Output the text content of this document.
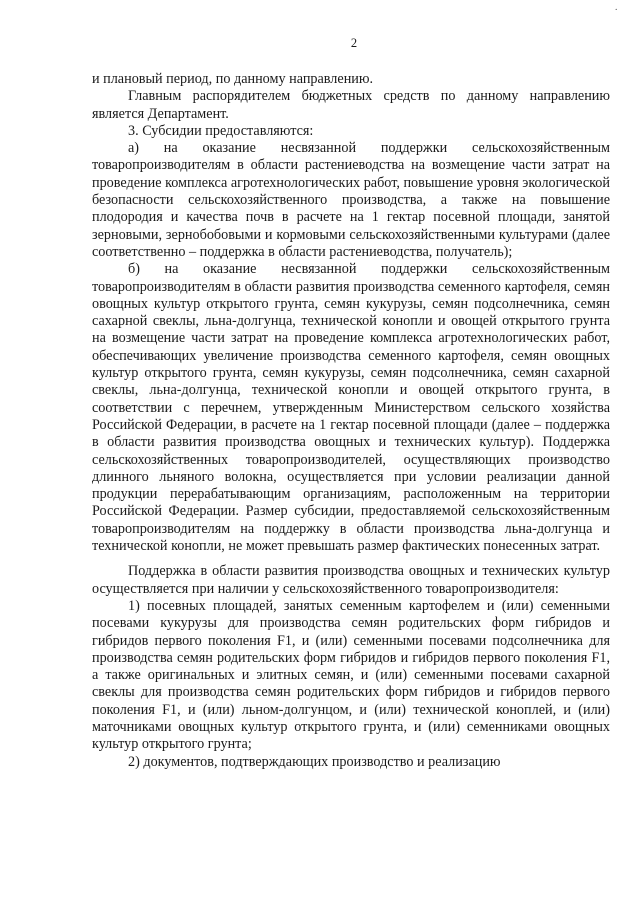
·
2

и плановый период, по данному направлению.

Главным распорядителем бюджетных средств по данному направлению является Департамент.

3. Субсидии предоставляются:

а) на оказание несвязанной поддержки сельскохозяйственным товаропроизводителям в области растениеводства на возмещение части затрат на проведение комплекса агротехнологических работ, повышение уровня экологической безопасности сельскохозяйственного производства, а также на повышение плодородия и качества почв в расчете на 1 гектар посевной площади, занятой зерновыми, зернобобовыми и кормовыми сельскохозяйственными культурами (далее соответственно – поддержка в области растениеводства, получатель);

б) на оказание несвязанной поддержки сельскохозяйственным товаропроизводителям в области развития производства семенного картофеля, семян овощных культур открытого грунта, семян кукурузы, семян подсолнечника, семян сахарной свеклы, льна-долгунца, технической конопли и овощей открытого грунта на возмещение части затрат на проведение комплекса агротехнологических работ, обеспечивающих увеличение производства семенного картофеля, семян овощных культур открытого грунта, семян кукурузы, семян подсолнечника, семян сахарной свеклы, льна-долгунца, технической конопли и овощей открытого грунта, в соответствии с перечнем, утвержденным Министерством сельского хозяйства Российской Федерации, в расчете на 1 гектар посевной площади (далее – поддержка в области развития производства овощных и технических культур). Поддержка сельскохозяйственных товаропроизводителей, осуществляющих производство длинного льняного волокна, осуществляется при условии реализации данной продукции перерабатывающим организациям, расположенным на территории Российской Федерации. Размер субсидии, предоставляемой сельскохозяйственным товаропроизводителям на поддержку в области производства льна-долгунца и технической конопли, не может превышать размер фактических понесенных затрат.

Поддержка в области развития производства овощных и технических культур осуществляется при наличии у сельскохозяйственного товаропроизводителя:

1) посевных площадей, занятых семенным картофелем и (или) семенными посевами кукурузы для производства семян родительских форм гибридов и гибридов первого поколения F1, и (или) семенными посевами подсолнечника для производства семян родительских форм гибридов и гибридов первого поколения F1, а также оригинальных и элитных семян, и (или) семенными посевами сахарной свеклы для производства семян родительских форм гибридов и гибридов первого поколения F1, и (или) льном-долгунцом, и (или) технической коноплей, и (или) маточниками овощных культур открытого грунта, и (или) семенниками овощных культур открытого грунта;

2) документов, подтверждающих производство и реализацию
